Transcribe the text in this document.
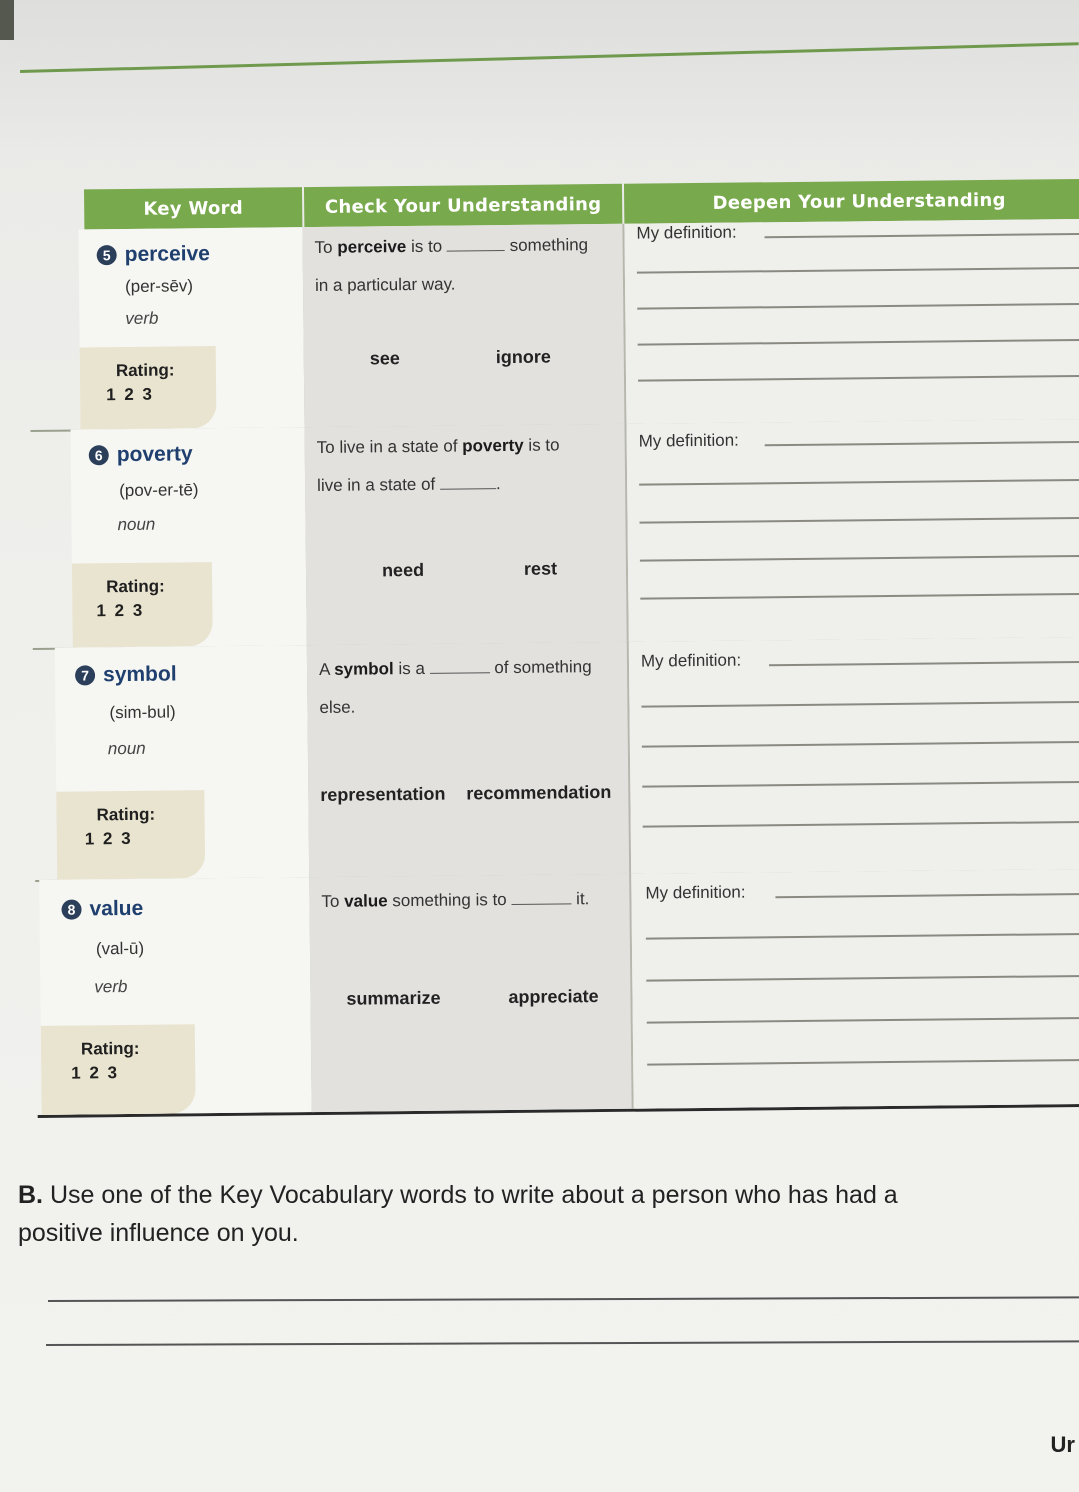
Key Word	Check Your Understanding	Deepen Your Understanding
5 perceive
(per-sēv)
verb
Rating:
1 2 3
To perceive is to	something
in a particular way.
see	ignore
My definition:
6 poverty
(pov-er-tē)
noun
Rating:
1 2 3
To live in a state of poverty is to
live in a state of	.
need	rest
My definition:
7 symbol
(sim-bul)
noun
Rating:
1 2 3
A symbol is a	of something
else.
representation recommendation
My definition:
8 value
(val-ū)
verb
Rating:
1 2 3
To value something is to	it.
summarize	appreciate
My definition:
B. Use one of the Key Vocabulary words to write about a person who has had a positive influence on you.
Ur
